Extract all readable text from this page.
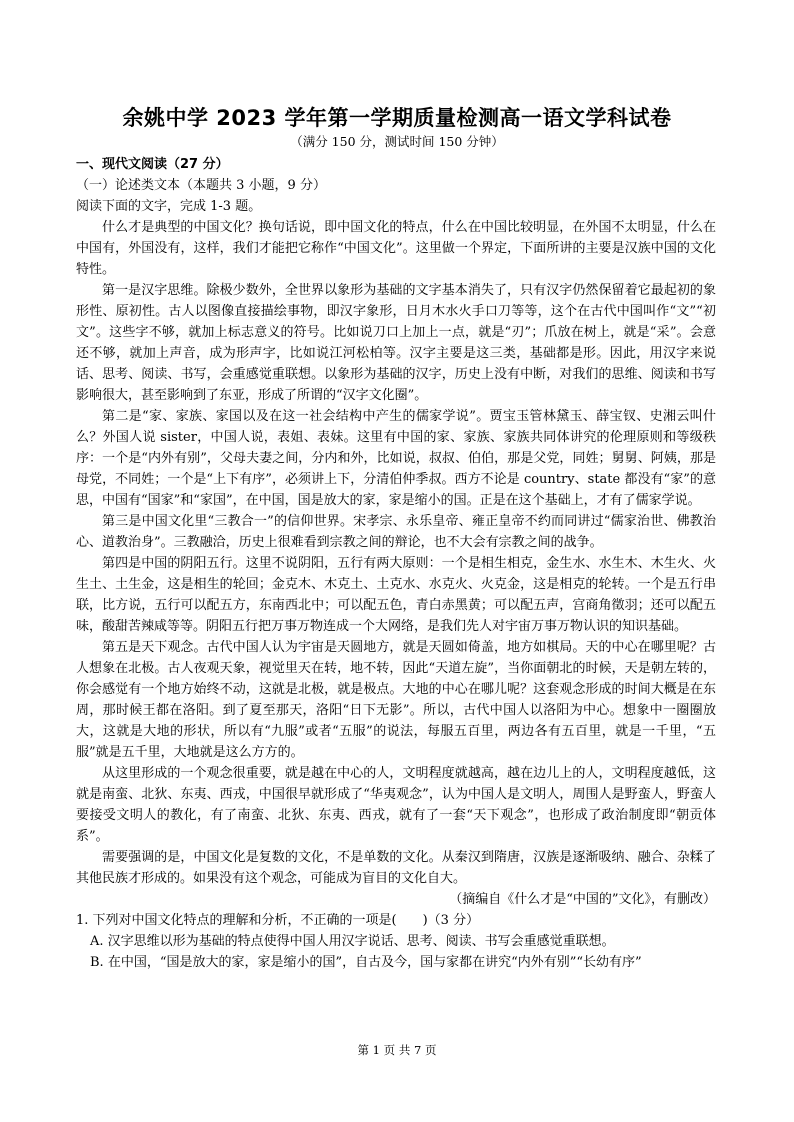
余姚中学 2023 学年第一学期质量检测高一语文学科试卷
（满分 150 分，测试时间 150 分钟）

一、现代文阅读（27 分）

（一）论述类文本（本题共 3 小题，9 分）

阅读下面的文字，完成 1-3 题。

什么才是典型的中国文化？换句话说，即中国文化的特点，什么在中国比较明显，在外国不太明显，什么在中国有，外国没有，这样，我们才能把它称作“中国文化”。这里做一个界定，下面所讲的主要是汉族中国的文化特性。

第一是汉字思维。除极少数外，全世界以象形为基础的文字基本消失了，只有汉字仍然保留着它最起初的象形性、原初性。古人以图像直接描绘事物，即汉字象形，日月木水火手口刀等等，这个在古代中国叫作“文”“初文”。这些字不够，就加上标志意义的符号。比如说刀口上加上一点，就是“刃”；爪放在树上，就是“采”。会意还不够，就加上声音，成为形声字，比如说江河松柏等。汉字主要是这三类，基础都是形。因此，用汉字来说话、思考、阅读、书写，会重感觉重联想。以象形为基础的汉字，历史上没有中断，对我们的思维、阅读和书写影响很大，甚至影响到了东亚，形成了所谓的“汉字文化圈”。

第二是“家、家族、家国以及在这一社会结构中产生的儒家学说”。贾宝玉管林黛玉、薛宝钗、史湘云叫什么？外国人说 sister，中国人说，表姐、表妹。这里有中国的家、家族、家族共同体讲究的伦理原则和等级秩序：一个是“内外有别”，父母夫妻之间，分内和外，比如说，叔叔、伯伯，那是父党，同姓；舅舅、阿姨，那是母党，不同姓；一个是“上下有序”，必须讲上下，分清伯仲季叔。西方不论是 country、state 都没有“家”的意思，中国有“国家”和“家国”，在中国，国是放大的家，家是缩小的国。正是在这个基础上，才有了儒家学说。

第三是中国文化里“三教合一”的信仰世界。宋孝宗、永乐皇帝、雍正皇帝不约而同讲过“儒家治世、佛教治心、道教治身”。三教融洽，历史上很难看到宗教之间的辩论，也不大会有宗教之间的战争。

第四是中国的阴阳五行。这里不说阴阳，五行有两大原则：一个是相生相克，金生水、水生木、木生火、火生土、土生金，这是相生的轮回；金克木、木克土、土克水、水克火、火克金，这是相克的轮转。一个是五行串联，比方说，五行可以配五方，东南西北中；可以配五色，青白赤黑黄；可以配五声，宫商角徵羽；还可以配五味，酸甜苦辣咸等等。阴阳五行把万事万物连成一个大网络，是我们先人对宇宙万事万物认识的知识基础。

第五是天下观念。古代中国人认为宇宙是天圆地方，就是天圆如倚盖，地方如棋局。天的中心在哪里呢？古人想象在北极。古人夜观天象，视觉里天在转，地不转，因此“天道左旋”，当你面朝北的时候，天是朝左转的，你会感觉有一个地方始终不动，这就是北极，就是极点。大地的中心在哪儿呢？这套观念形成的时间大概是在东周，那时候王都在洛阳。到了夏至那天，洛阳“日下无影”。所以，古代中国人以洛阳为中心。想象中一圈圈放大，这就是大地的形状，所以有“九服”或者“五服”的说法，每服五百里，两边各有五百里，就是一千里，“五服”就是五千里，大地就是这么方方的。

从这里形成的一个观念很重要，就是越在中心的人，文明程度就越高，越在边儿上的人，文明程度越低，这就是南蛮、北狄、东夷、西戎，中国很早就形成了“华夷观念”，认为中国人是文明人，周围人是野蛮人，野蛮人要接受文明人的教化，有了南蛮、北狄、东夷、西戎，就有了一套“天下观念”，也形成了政治制度即“朝贡体系”。

需要强调的是，中国文化是复数的文化，不是单数的文化。从秦汉到隋唐，汉族是逐渐吸纳、融合、杂糅了其他民族才形成的。如果没有这个观念，可能成为盲目的文化自大。

（摘编自《什么才是“中国的”文化》，有删改）

1. 下列对中国文化特点的理解和分析，不正确的一项是(　　)（3 分）

A. 汉字思维以形为基础的特点使得中国人用汉字说话、思考、阅读、书写会重感觉重联想。

B. 在中国，“国是放大的家，家是缩小的国”，自古及今，国与家都在讲究“内外有别”“长幼有序”

第 1 页 共 7 页
